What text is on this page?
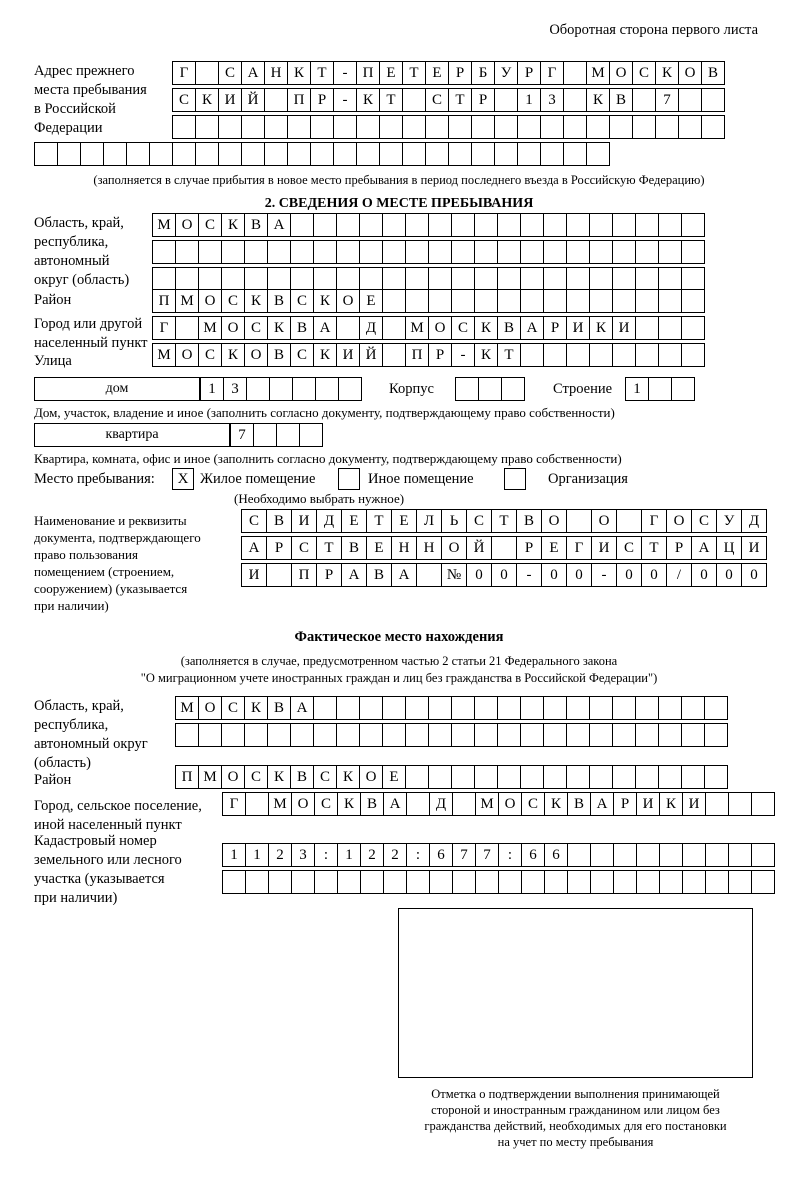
Оборотная сторона первого листа
Адрес прежнего
места пребывания
в Российской
Федерации
Г	С А Н К Т	-	П Е Т Е Р Б У Р Г	М О С К О В
С К И Й	П Р	-	К Т	С Т Р	1	3	К В	7
(заполняется в случае прибытия в новое место пребывания в период последнего въезда в Российскую Федерацию)
2. СВЕДЕНИЯ О МЕСТЕ ПРЕБЫВАНИЯ
Область, край,
республика,
автономный
округ (область)
М О С К В А
Район	П М О С К В С К О Е
Город или другой
населенный пункт
Г	М О С К В А	Д	М О С К В А Р И К И
Улица	М О С К О В С К И Й	П Р	-	К Т
дом	1	3	Корпус	Строение	1
Дом, участок, владение и иное (заполнить согласно документу, подтверждающему право собственности)
квартира	7
Квартира, комната, офис и иное (заполнить согласно документу, подтверждающему право собственности)
Место пребывания:	Х Жилое помещение	Иное помещение	Организация
(Необходимо выбрать нужное)
Наименование и реквизиты
документа, подтверждающего
право пользования
помещением (строением,
сооружением) (указывается
при наличии)
С В И Д	Е	Т	Е	Л	Ь	С	Т	В О	О	Г	О С У Д
А	Р	С	Т	В	Е	Н Н О Й	Р	Е	Г	И С	Т	Р	А Ц И
И	П	Р	А В А	№ 0	0	-	0	0	-	0	0	/	0	0	0
Фактическое место нахождения
(заполняется в случае, предусмотренном частью 2 статьи 21 Федерального закона
"О миграционном учете иностранных граждан и лиц без гражданства в Российской Федерации")
Область, край,
республика,
автономный округ
(область)
М О С К В А
Район	П М О С К В С К О Е
Город, сельское поселение,
иной населенный пункт
Г	М О С К В А	Д	М О С К В А Р И К И
Кадастровый номер
земельного или лесного
участка (указывается
при наличии)
1	1	2	3	:	1	2	2	:	6	7	7	:	6	6
Отметка о подтверждении выполнения принимающей
стороной и иностранным гражданином или лицом без
гражданства действий, необходимых для его постановки
на учет по месту пребывания
